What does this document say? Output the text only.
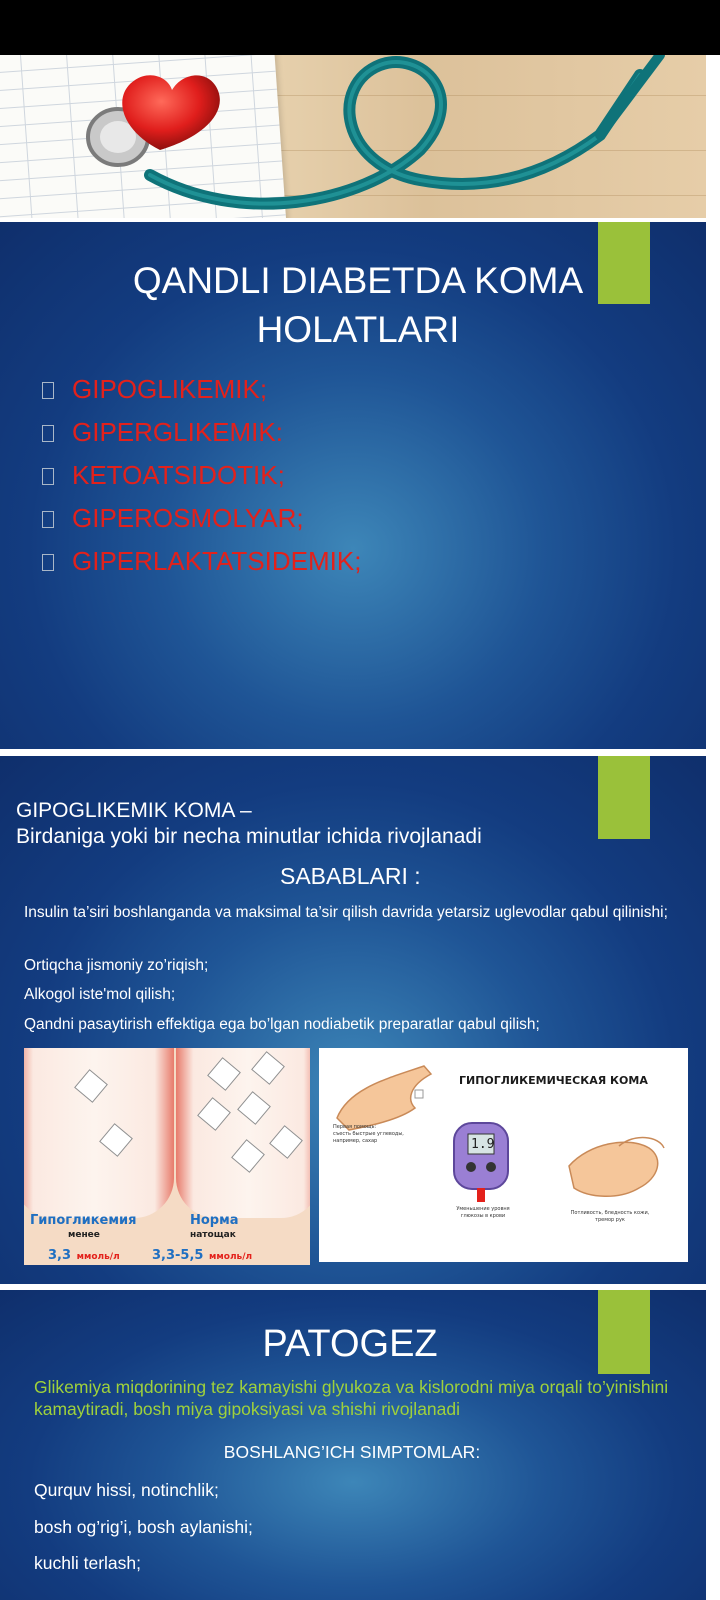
QANDLI DIABETDA KOMA
HOLATLARI
GIPOGLIKEMIK;
GIPERGLIKEMIK:
KETOATSIDOTIK;
GIPEROSMOLYAR;
GIPERLAKTATSIDEMIK;
GIPOGLIKEMIK KOMA –
Birdaniga yoki bir necha minutlar ichida rivojlanadi
SABABLARI :
Insulin ta’siri boshlanganda va maksimal ta’sir qilish davrida yetarsiz uglevodlar qabul qilinishi;
Ortiqcha jismoniy zo’riqish;
Alkogol iste'mol qilish;
Qandni pasaytirish effektiga ega bo’lgan nodiabetik preparatlar qabul qilish;
Гипогликемия
менее
3,3 ммоль/л
Норма
натощак
3,3-5,5 ммоль/л
ГИПОГЛИКЕМИЧЕСКАЯ КОМА
Первая помощь:
съесть быстрые углеводы,
например, сахар	1.9
Уменьшение уровня
глюкозы в крови	Потливость, бледность кожи,
тремор рук
PATOGEZ
Glikemiya miqdorining tez kamayishi glyukoza va kislorodni miya orqali to’yinishini kamaytiradi, bosh miya gipoksiyasi va shishi rivojlanadi
BOSHLANG’ICH SIMPTOMLAR:
Qurquv hissi, notinchlik;
bosh og’rig’i, bosh aylanishi;
kuchli terlash;
